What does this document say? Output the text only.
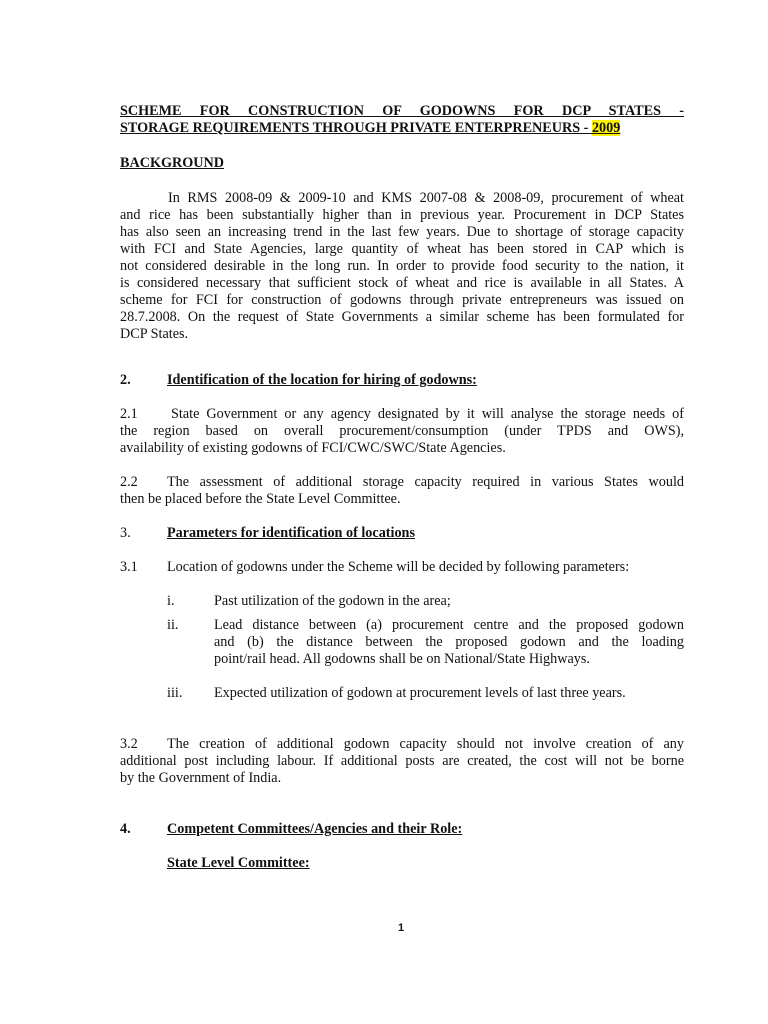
SCHEME FOR CONSTRUCTION OF GODOWNS FOR DCP STATES -
STORAGE REQUIREMENTS THROUGH PRIVATE ENTERPRENEURS - 2009
BACKGROUND
In RMS 2008-09 & 2009-10 and KMS 2007-08 & 2008-09, procurement of wheat
and rice has been substantially higher than in previous year. Procurement in DCP States
has also seen an increasing trend in the last few years. Due to shortage of storage capacity
with FCI and State Agencies, large quantity of wheat has been stored in CAP which is
not considered desirable in the long run. In order to provide food security to the nation, it
is considered necessary that sufficient stock of wheat and rice is available in all States. A
scheme for FCI for construction of godowns through private entrepreneurs was issued on
28.7.2008. On the request of State Governments a similar scheme has been formulated for
DCP States.
2.	Identification of the location for hiring of godowns:
2.1 State Government or any agency designated by it will analyse the storage needs of
the region based on overall procurement/consumption (under TPDS and OWS),
availability of existing godowns of FCI/CWC/SWC/State Agencies.
2.2 The assessment of additional storage capacity required in various States would
then be placed before the State Level Committee.
3.	Parameters for identification of locations
3.1 Location of godowns under the Scheme will be decided by following parameters:
i.	Past utilization of the godown in the area;
ii.	Lead distance between (a) procurement centre and the proposed godown
and (b) the distance between the proposed godown and the loading
point/rail head. All godowns shall be on National/State Highways.
iii. Expected utilization of godown at procurement levels of last three years.
3.2 The creation of additional godown capacity should not involve creation of any
additional post including labour. If additional posts are created, the cost will not be borne
by the Government of India.
4.	Competent Committees/Agencies and their Role:
State Level Committee:
1
